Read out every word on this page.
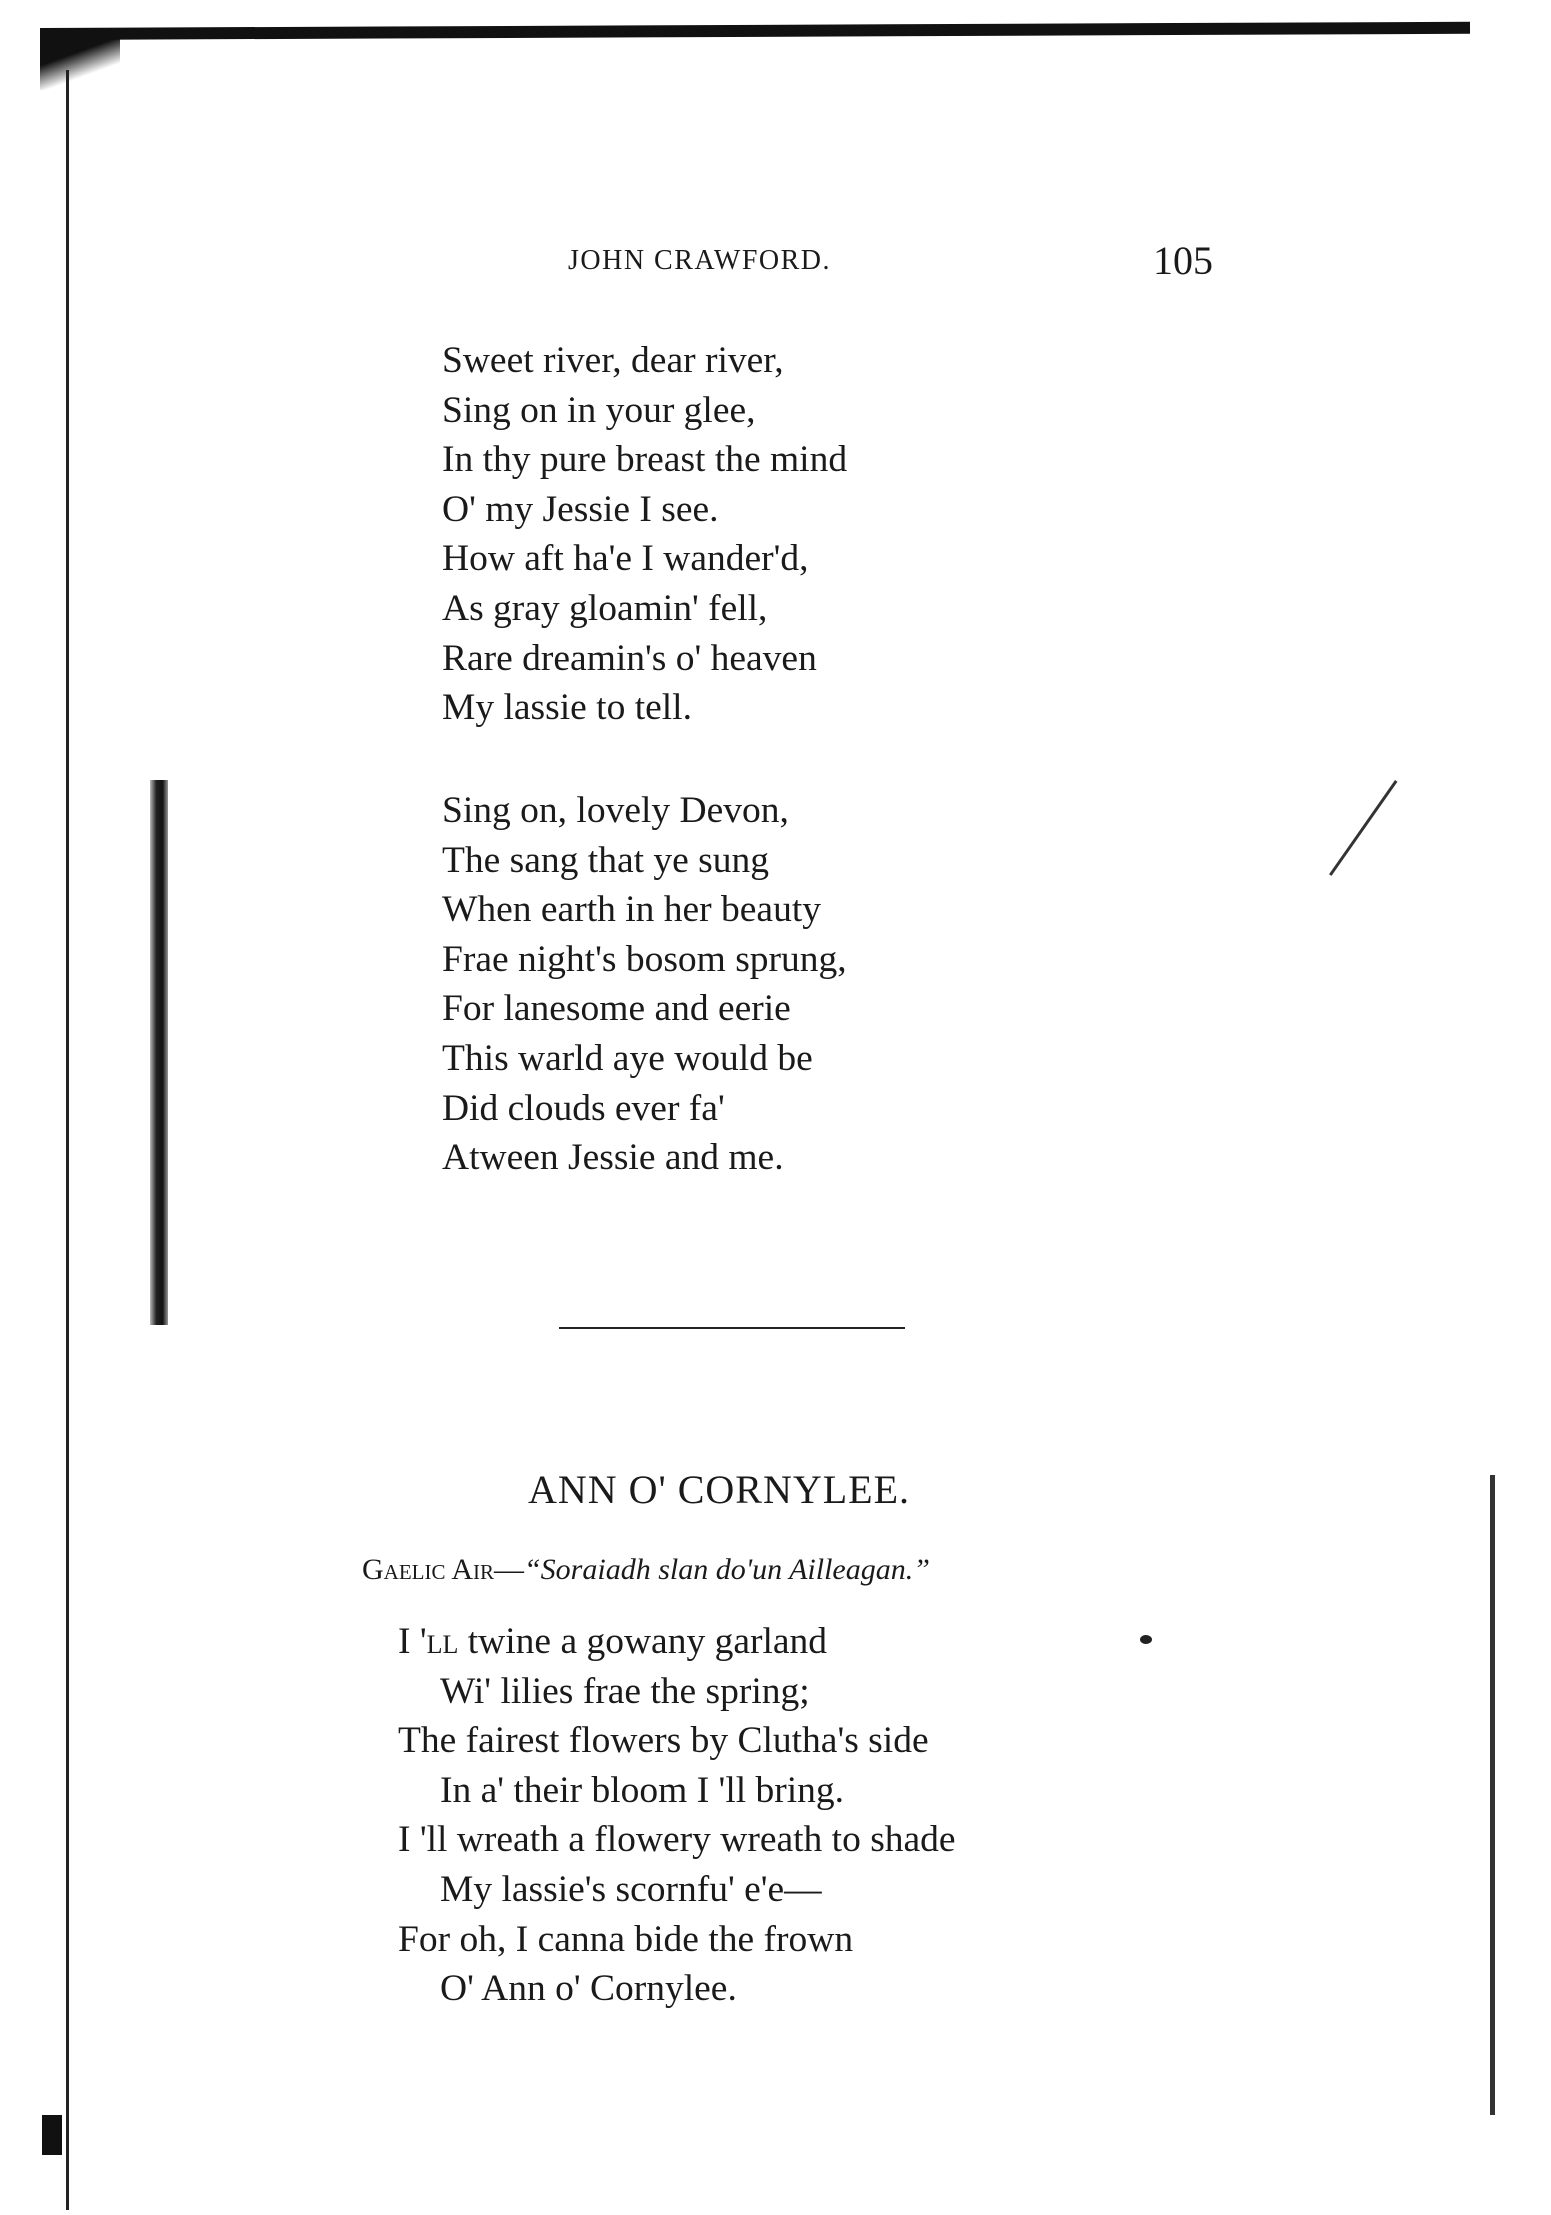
JOHN CRAWFORD.	105
Sweet river, dear river,
Sing on in your glee,
In thy pure breast the mind
O' my Jessie I see.
How aft ha'e I wander'd,
As gray gloamin' fell,
Rare dreamin's o' heaven
My lassie to tell.
Sing on, lovely Devon,
The sang that ye sung
When earth in her beauty
Frae night's bosom sprung,
For lanesome and eerie
This warld aye would be
Did clouds ever fa'
Atween Jessie and me.
ANN O' CORNYLEE.
Gaelic Air—“Soraiadh slan do'un Ailleagan.”
I 'll twine a gowany garland
Wi' lilies frae the spring;
The fairest flowers by Clutha's side
In a' their bloom I 'll bring.
I 'll wreath a flowery wreath to shade
My lassie's scornfu' e'e—
For oh, I canna bide the frown
O' Ann o' Cornylee.
